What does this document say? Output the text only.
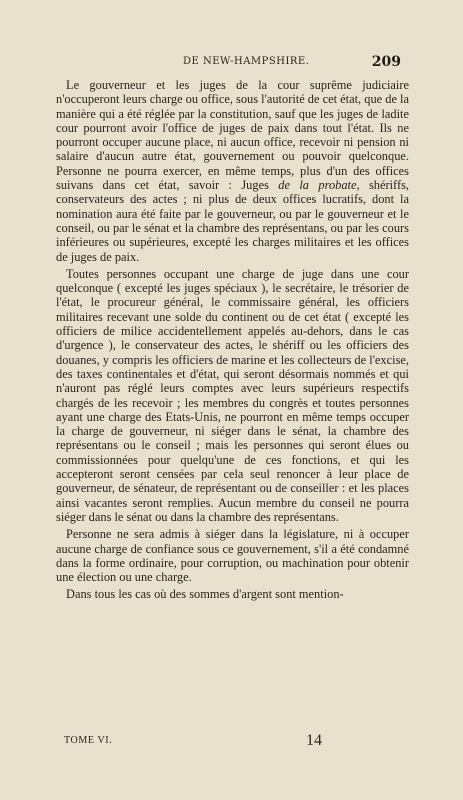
DE NEW-HAMPSHIRE.	209

Le gouverneur et les juges de la cour suprême judiciaire n'occuperont leurs charge ou office, sous l'autorité de cet état, que de la manière qui a été réglée par la constitution, sauf que les juges de ladite cour pourront avoir l'office de juges de paix dans tout l'état. Ils ne pourront occuper aucune place, ni aucun office, recevoir ni pension ni salaire d'aucun autre état, gouvernement ou pouvoir quelconque. Personne ne pourra exercer, en même temps, plus d'un des offices suivans dans cet état, savoir : Juges de la probate, shériffs, conservateurs des actes ; ni plus de deux offices lucratifs, dont la nomination aura été faite par le gouverneur, ou par le gouverneur et le conseil, ou par le sénat et la chambre des représentans, ou par les cours inférieures ou supérieures, excepté les charges militaires et les offices de juges de paix.

Toutes personnes occupant une charge de juge dans une cour quelconque ( excepté les juges spéciaux ), le secrétaire, le trésorier de l'état, le procureur général, le commissaire général, les officiers militaires recevant une solde du continent ou de cet état ( excepté les officiers de milice accidentellement appelés au-dehors, dans le cas d'urgence ), le conservateur des actes, le shériff ou les officiers des douanes, y compris les officiers de marine et les collecteurs de l'excise, des taxes continentales et d'état, qui seront désormais nommés et qui n'auront pas réglé leurs comptes avec leurs supérieurs respectifs chargés de les recevoir ; les membres du congrès et toutes personnes ayant une charge des Etats-Unis, ne pourront en même temps occuper la charge de gouverneur, ni siéger dans le sénat, la chambre des représentans ou le conseil ; mais les personnes qui seront élues ou commissionnées pour quelqu'une de ces fonctions, et qui les accepteront seront censées par cela seul renoncer à leur place de gouverneur, de sénateur, de représentant ou de conseiller : et les places ainsi vacantes seront remplies. Aucun membre du conseil ne pourra siéger dans le sénat ou dans la chambre des représentans.

Personne ne sera admis à siéger dans la législature, ni à occuper aucune charge de confiance sous ce gouvernement, s'il a été condamné dans la forme ordinaire, pour corruption, ou machination pour obtenir une élection ou une charge.

Dans tous les cas où des sommes d'argent sont mention-

TOME VI.	14
